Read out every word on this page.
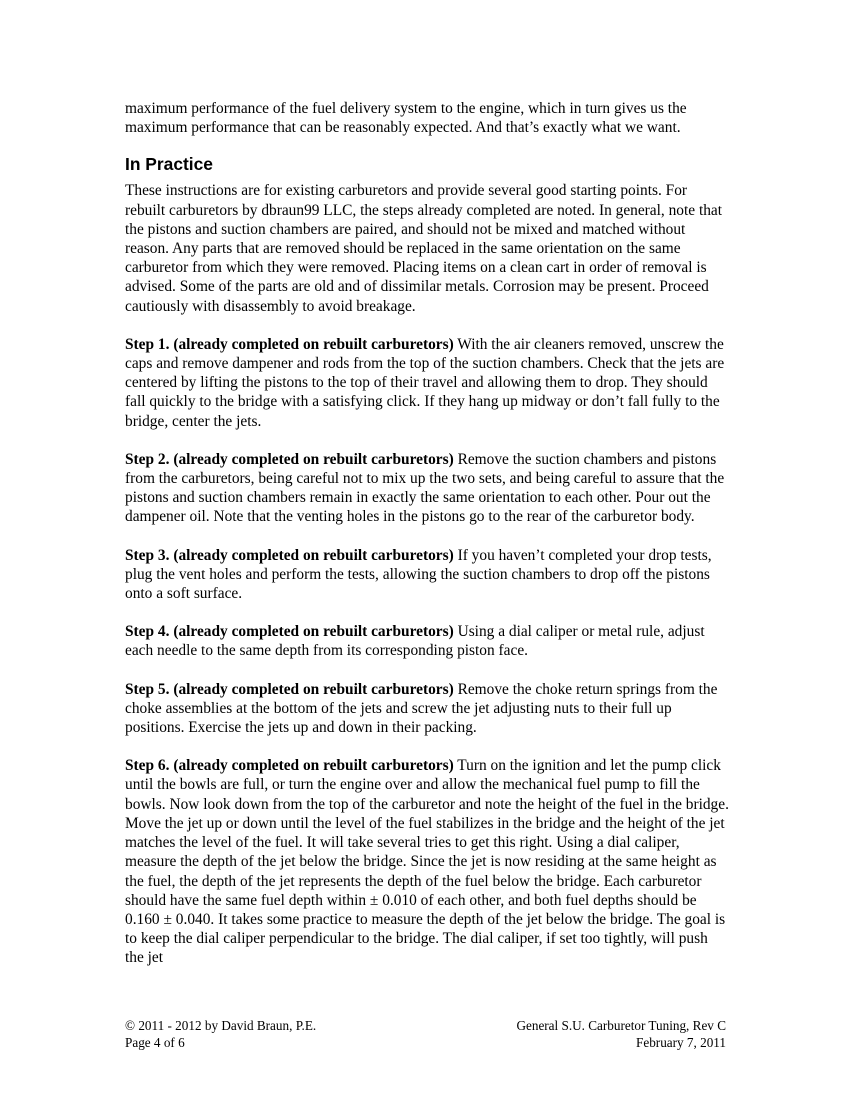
maximum performance of the fuel delivery system to the engine, which in turn gives us the maximum performance that can be reasonably expected. And that’s exactly what we want.

In Practice

These instructions are for existing carburetors and provide several good starting points. For rebuilt carburetors by dbraun99 LLC, the steps already completed are noted. In general, note that the pistons and suction chambers are paired, and should not be mixed and matched without reason. Any parts that are removed should be replaced in the same orientation on the same carburetor from which they were removed. Placing items on a clean cart in order of removal is advised. Some of the parts are old and of dissimilar metals. Corrosion may be present. Proceed cautiously with disassembly to avoid breakage.

Step 1. (already completed on rebuilt carburetors) With the air cleaners removed, unscrew the caps and remove dampener and rods from the top of the suction chambers. Check that the jets are centered by lifting the pistons to the top of their travel and allowing them to drop. They should fall quickly to the bridge with a satisfying click. If they hang up midway or don’t fall fully to the bridge, center the jets.

Step 2. (already completed on rebuilt carburetors) Remove the suction chambers and pistons from the carburetors, being careful not to mix up the two sets, and being careful to assure that the pistons and suction chambers remain in exactly the same orientation to each other. Pour out the dampener oil. Note that the venting holes in the pistons go to the rear of the carburetor body.

Step 3. (already completed on rebuilt carburetors) If you haven’t completed your drop tests, plug the vent holes and perform the tests, allowing the suction chambers to drop off the pistons onto a soft surface.

Step 4. (already completed on rebuilt carburetors) Using a dial caliper or metal rule, adjust each needle to the same depth from its corresponding piston face.

Step 5. (already completed on rebuilt carburetors) Remove the choke return springs from the choke assemblies at the bottom of the jets and screw the jet adjusting nuts to their full up positions. Exercise the jets up and down in their packing.

Step 6. (already completed on rebuilt carburetors) Turn on the ignition and let the pump click until the bowls are full, or turn the engine over and allow the mechanical fuel pump to fill the bowls. Now look down from the top of the carburetor and note the height of the fuel in the bridge. Move the jet up or down until the level of the fuel stabilizes in the bridge and the height of the jet matches the level of the fuel. It will take several tries to get this right. Using a dial caliper, measure the depth of the jet below the bridge. Since the jet is now residing at the same height as the fuel, the depth of the jet represents the depth of the fuel below the bridge. Each carburetor should have the same fuel depth within ± 0.010 of each other, and both fuel depths should be 0.160 ± 0.040. It takes some practice to measure the depth of the jet below the bridge. The goal is to keep the dial caliper perpendicular to the bridge. The dial caliper, if set too tightly, will push the jet

© 2011 - 2012 by David Braun, P.E.
Page 4 of 6
General S.U. Carburetor Tuning, Rev C
February 7, 2011
